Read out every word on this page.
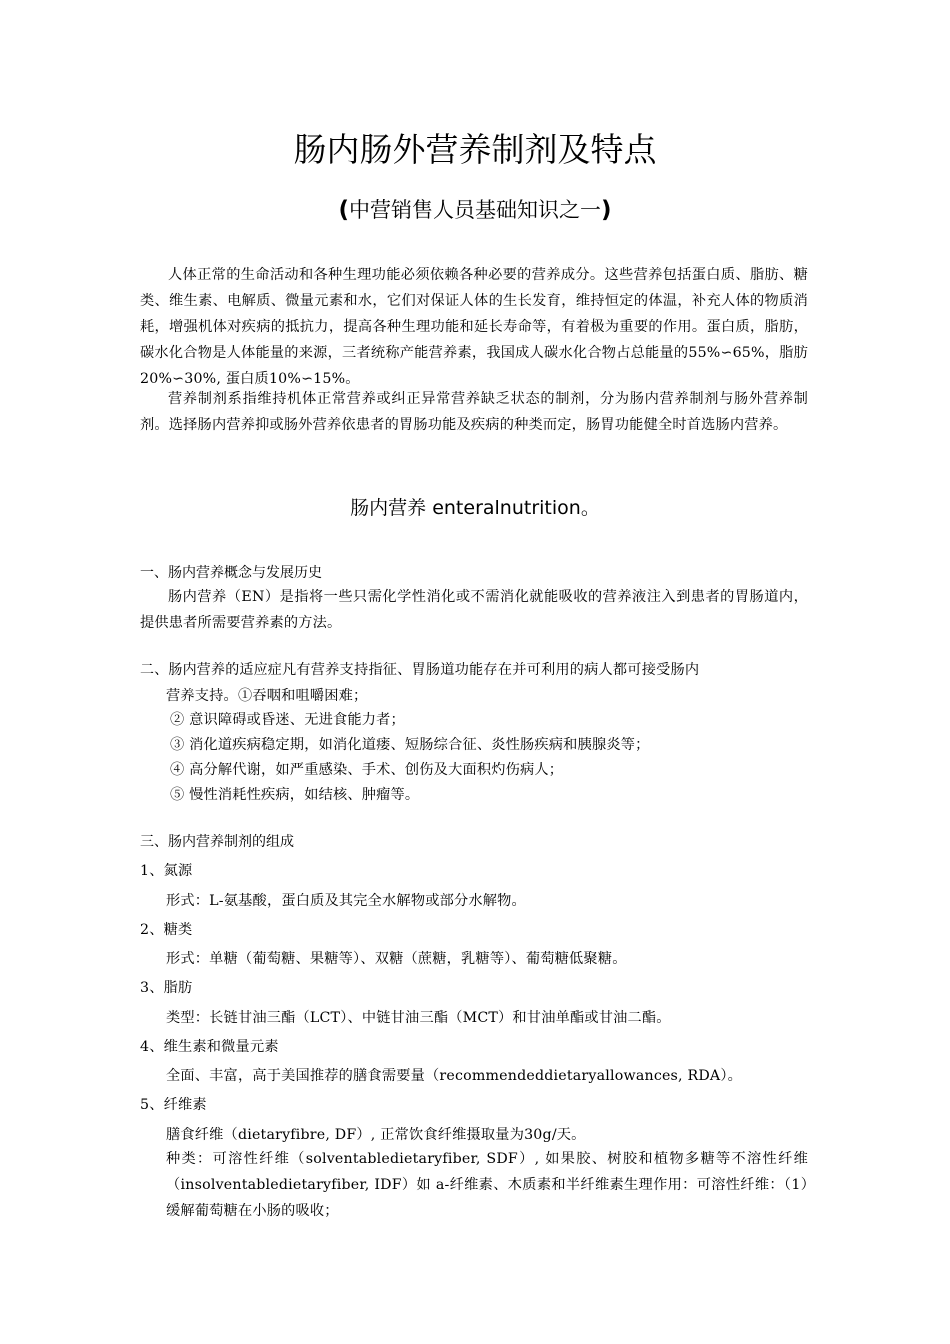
肠内肠外营养制剂及特点
(中营销售人员基础知识之一)

人体正常的生命活动和各种生理功能必须依赖各种必要的营养成分。这些营养包括蛋白质、脂肪、糖类、维生素、电解质、微量元素和水，它们对保证人体的生长发育，维持恒定的体温，补充人体的物质消耗，增强机体对疾病的抵抗力，提高各种生理功能和延长寿命等，有着极为重要的作用。蛋白质，脂肪，碳水化合物是人体能量的来源，三者统称产能营养素，我国成人碳水化合物占总能量的55%∽65%，脂肪20%∽30%, 蛋白质10%∽15%。

营养制剂系指维持机体正常营养或纠正异常营养缺乏状态的制剂，分为肠内营养制剂与肠外营养制剂。选择肠内营养抑或肠外营养依患者的胃肠功能及疾病的种类而定，肠胃功能健全时首选肠内营养。

肠内营养 enteralnutrition。
一、肠内营养概念与发展历史

肠内营养（EN）是指将一些只需化学性消化或不需消化就能吸收的营养液注入到患者的胃肠道内，提供患者所需要营养素的方法。

二、肠内营养的适应症凡有营养支持指征、胃肠道功能存在并可利用的病人都可接受肠内
营养支持。①吞咽和咀嚼困难；
② 意识障碍或昏迷、无进食能力者；
③ 消化道疾病稳定期，如消化道瘘、短肠综合征、炎性肠疾病和胰腺炎等；
④ 高分解代谢，如严重感染、手术、创伤及大面积灼伤病人；
⑤ 慢性消耗性疾病，如结核、肿瘤等。
三、肠内营养制剂的组成
1、氮源
形式：L-氨基酸，蛋白质及其完全水解物或部分水解物。
2、糖类
形式：单糖（葡萄糖、果糖等）、双糖（蔗糖，乳糖等）、葡萄糖低聚糖。
3、脂肪
类型：长链甘油三酯（LCT）、中链甘油三酯（MCT）和甘油单酯或甘油二酯。
4、维生素和微量元素
全面、丰富，高于美国推荐的膳食需要量（recommendeddietaryallowances, RDA）。
5、纤维素
膳食纤维（dietaryfibre, DF）, 正常饮食纤维摄取量为30g/天。

种类：可溶性纤维（solventabledietaryfiber, SDF）, 如果胶、树胶和植物多糖等不溶性纤维（insolventabledietaryfiber, IDF）如 a-纤维素、木质素和半纤维素生理作用：可溶性纤维：（1）缓解葡萄糖在小肠的吸收；
